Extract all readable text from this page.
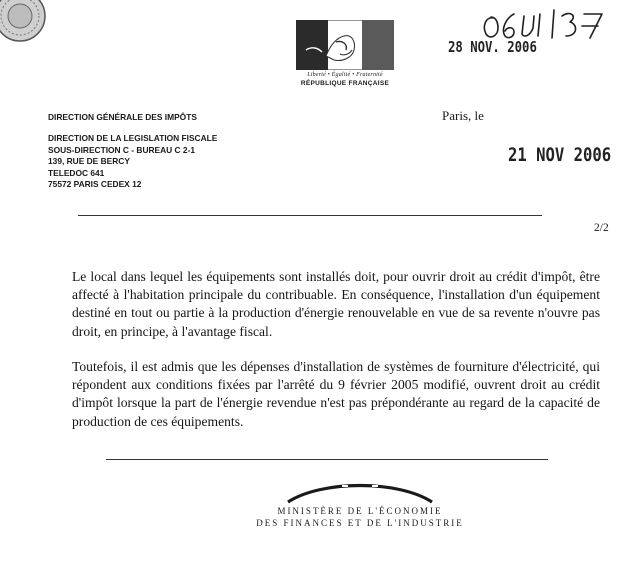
28 NOV. 2006
Liberté • Égalité • Fraternité
RÉPUBLIQUE FRANÇAISE
Paris, le
DIRECTION GÉNÉRALE DES IMPÔTS
DIRECTION DE LA LEGISLATION FISCALE
SOUS-DIRECTION C - BUREAU C 2-1
139, RUE DE BERCY
TELEDOC 641
75572 PARIS CEDEX 12
21 NOV 2006
2/2
Le local dans lequel les équipements sont installés doit, pour ouvrir droit au crédit d'impôt, être affecté à l'habitation principale du contribuable. En conséquence, l'installation d'un équipement destiné en tout ou partie à la production d'énergie renouvelable en vue de sa revente n'ouvre pas droit, en principe, à l'avantage fiscal.
Toutefois, il est admis que les dépenses d'installation de systèmes de fourniture d'électricité, qui répondent aux conditions fixées par l'arrêté du 9 février 2005 modifié, ouvrent droit au crédit d'impôt lorsque la part de l'énergie revendue n'est pas prépondérante au regard de la capacité de production de ces équipements.
MINISTÈRE DE L'ÉCONOMIE
DES FINANCES ET DE L'INDUSTRIE
